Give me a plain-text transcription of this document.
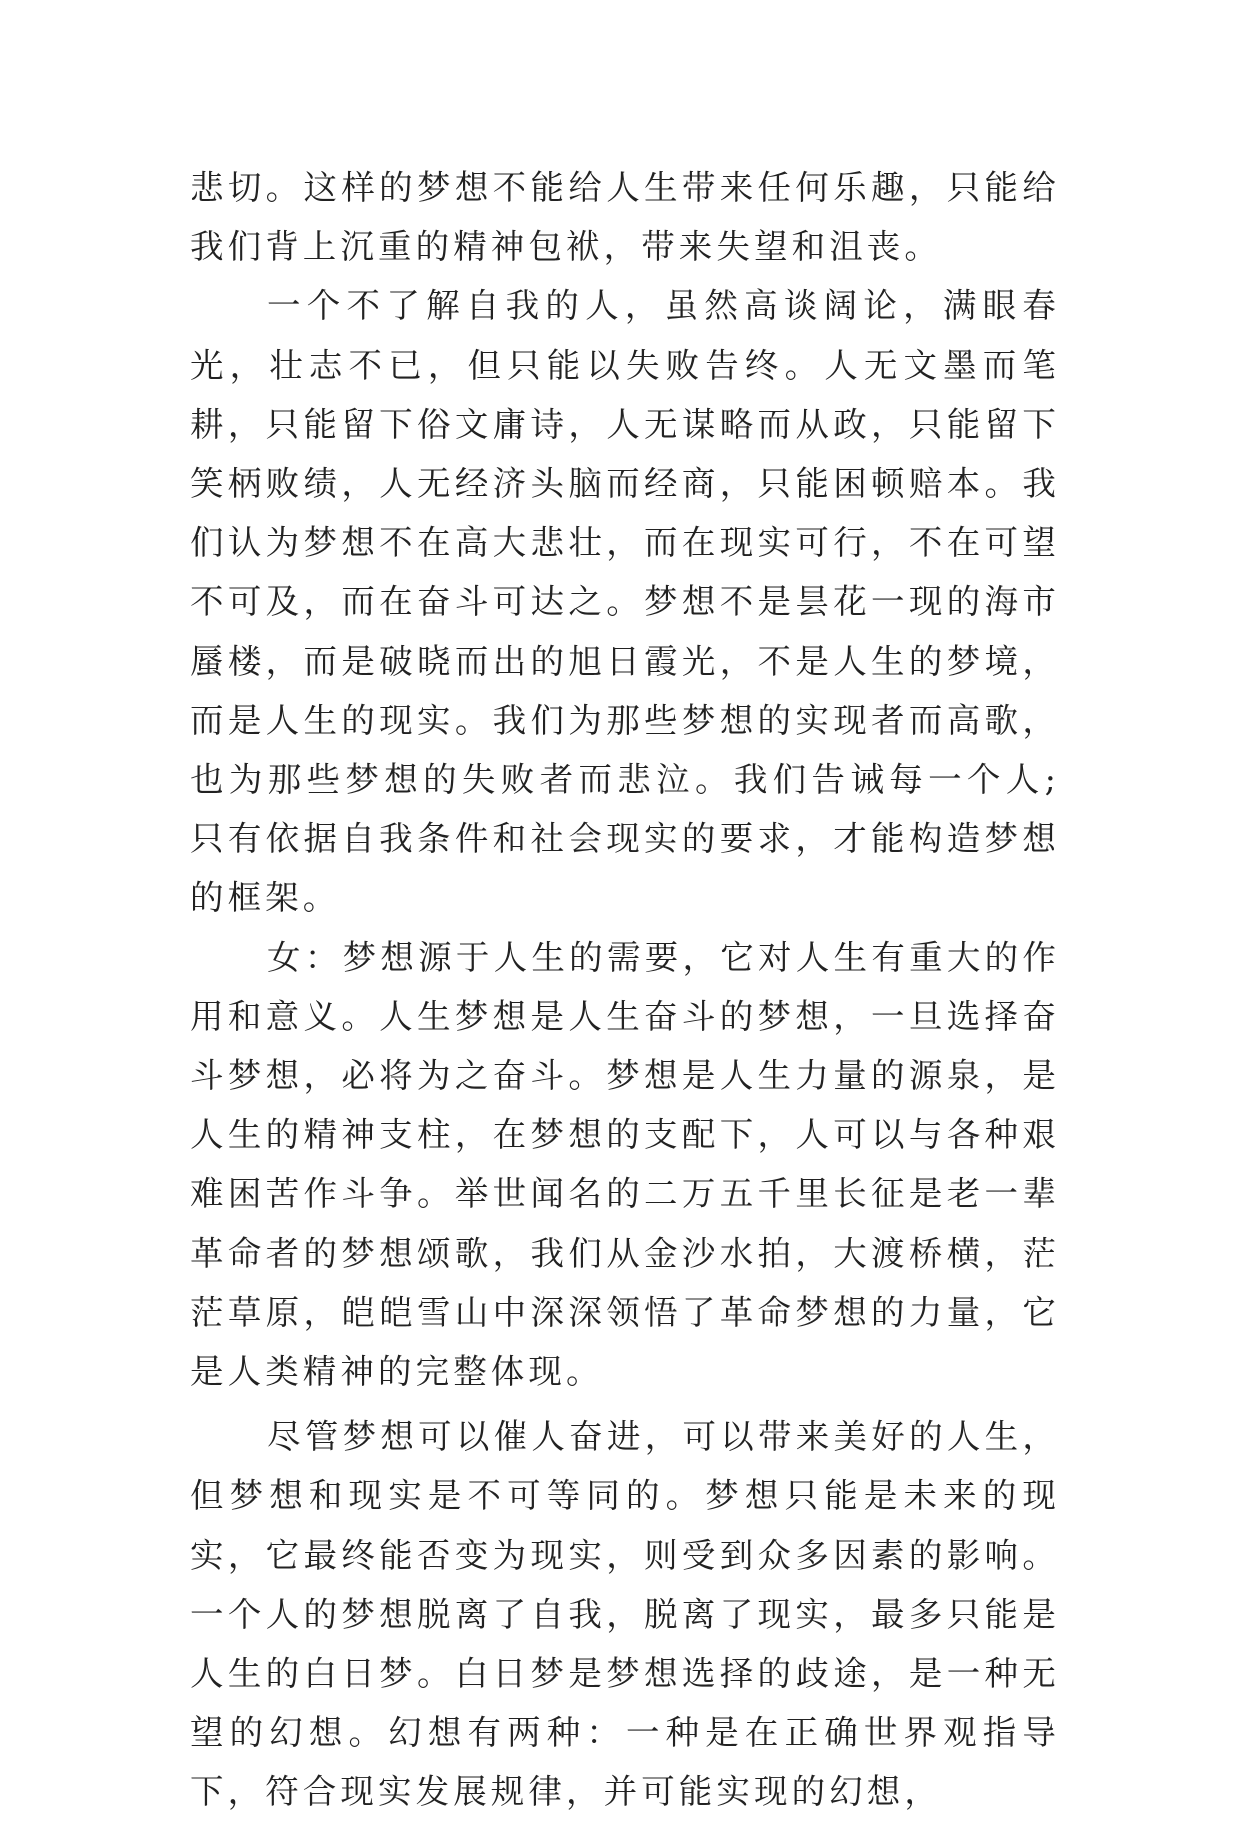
悲切。这样的梦想不能给人生带来任何乐趣，只能给我们背上沉重的精神包袱，带来失望和沮丧。

一个不了解自我的人，虽然高谈阔论，满眼春光，壮志不已，但只能以失败告终。人无文墨而笔耕，只能留下俗文庸诗，人无谋略而从政，只能留下笑柄败绩，人无经济头脑而经商，只能困顿赔本。我们认为梦想不在高大悲壮，而在现实可行，不在可望不可及，而在奋斗可达之。梦想不是昙花一现的海市蜃楼，而是破晓而出的旭日霞光，不是人生的梦境，而是人生的现实。我们为那些梦想的实现者而高歌，也为那些梦想的失败者而悲泣。我们告诫每一个人;只有依据自我条件和社会现实的要求，才能构造梦想的框架。

女：梦想源于人生的需要，它对人生有重大的作用和意义。人生梦想是人生奋斗的梦想，一旦选择奋斗梦想，必将为之奋斗。梦想是人生力量的源泉，是人生的精神支柱，在梦想的支配下，人可以与各种艰难困苦作斗争。举世闻名的二万五千里长征是老一辈革命者的梦想颂歌，我们从金沙水拍，大渡桥横，茫茫草原，皑皑雪山中深深领悟了革命梦想的力量，它是人类精神的完整体现。

尽管梦想可以催人奋进，可以带来美好的人生，但梦想和现实是不可等同的。梦想只能是未来的现实，它最终能否变为现实，则受到众多因素的影响。一个人的梦想脱离了自我，脱离了现实，最多只能是人生的白日梦。白日梦是梦想选择的歧途，是一种无望的幻想。幻想有两种：一种是在正确世界观指导下，符合现实发展规律，并可能实现的幻想，
